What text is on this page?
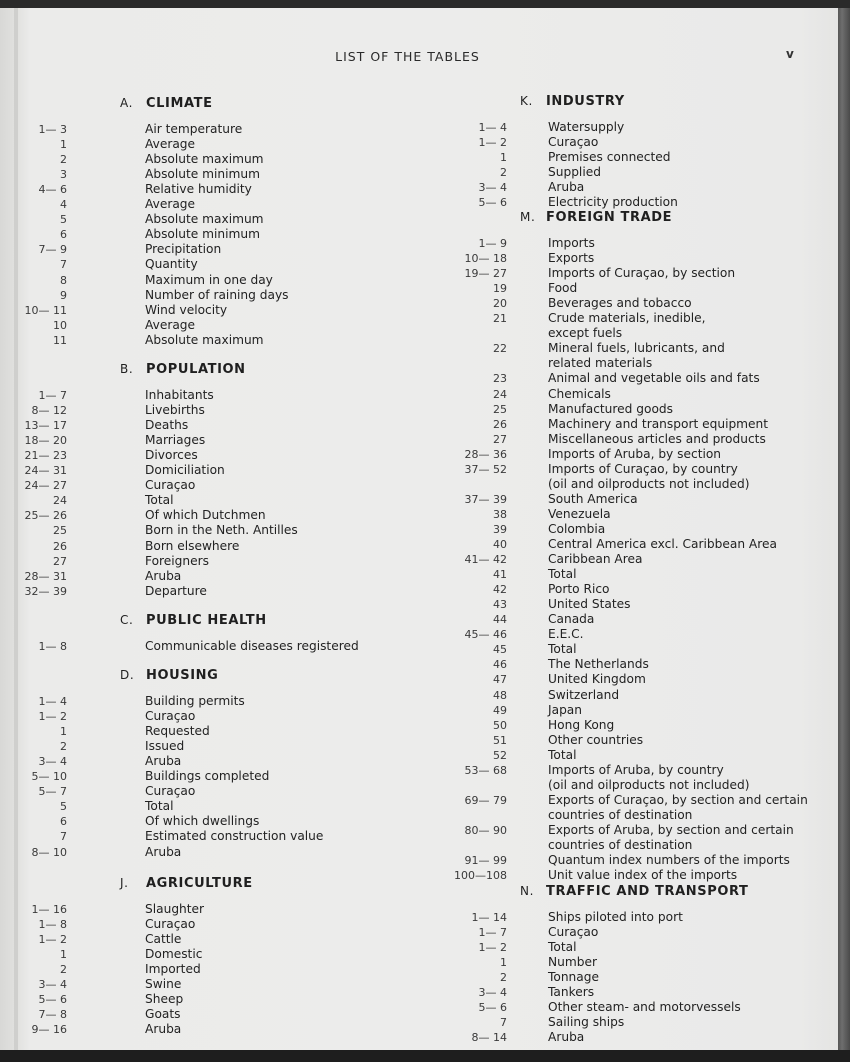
LIST OF THE TABLES	v
A. CLIMATE
1— 3	Air temperature
1	Average
2	Absolute maximum
3	Absolute minimum
4— 6	Relative humidity
4	Average
5	Absolute maximum
6	Absolute minimum
7— 9	Precipitation
7	Quantity
8	Maximum in one day
9	Number of raining days
10— 11	Wind velocity
10	Average
11	Absolute maximum
B. POPULATION
1— 7	Inhabitants
8— 12	Livebirths
13— 17	Deaths
18— 20	Marriages
21— 23	Divorces
24— 31	Domiciliation
24— 27	Curaçao
24	Total
25— 26	Of which Dutchmen
25	Born in the Neth. Antilles
26	Born elsewhere
27	Foreigners
28— 31	Aruba
32— 39	Departure
C. PUBLIC HEALTH
1— 8	Communicable diseases registered
D. HOUSING
1— 4	Building permits
1— 2	Curaçao
1	Requested
2	Issued
3— 4	Aruba
5— 10	Buildings completed
5— 7	Curaçao
5	Total
6	Of which dwellings
7	Estimated construction value
8— 10	Aruba
J. AGRICULTURE
1— 16	Slaughter
1— 8	Curaçao
1— 2	Cattle
1	Domestic
2	Imported
3— 4	Swine
5— 6	Sheep
7— 8	Goats
9— 16	Aruba
K. INDUSTRY
1— 4	Watersupply
1— 2	Curaçao
1	Premises connected
2	Supplied
3— 4	Aruba
5— 6	Electricity production
M. FOREIGN TRADE
1— 9	Imports
10— 18	Exports
19— 27	Imports of Curaçao, by section
19	Food
20	Beverages and tobacco
21	Crude materials, inedible,
except fuels
22	Mineral fuels, lubricants, and
related materials
23	Animal and vegetable oils and fats
24	Chemicals
25	Manufactured goods
26	Machinery and transport equipment
27	Miscellaneous articles and products
28— 36	Imports of Aruba, by section
37— 52	Imports of Curaçao, by country
(oil and oilproducts not included)
37— 39	South America
38	Venezuela
39	Colombia
40	Central America excl. Caribbean Area
41— 42	Caribbean Area
41	Total
42	Porto Rico
43	United States
44	Canada
45— 46	E.E.C.
45	Total
46	The Netherlands
47	United Kingdom
48	Switzerland
49	Japan
50	Hong Kong
51	Other countries
52	Total
53— 68	Imports of Aruba, by country
(oil and oilproducts not included)
69— 79	Exports of Curaçao, by section and certain
countries of destination
80— 90	Exports of Aruba, by section and certain
countries of destination
91— 99	Quantum index numbers of the imports
100—108	Unit value index of the imports
N. TRAFFIC AND TRANSPORT
1— 14	Ships piloted into port
1— 7	Curaçao
1— 2	Total
1	Number
2	Tonnage
3— 4	Tankers
5— 6	Other steam- and motorvessels
7	Sailing ships
8— 14	Aruba
